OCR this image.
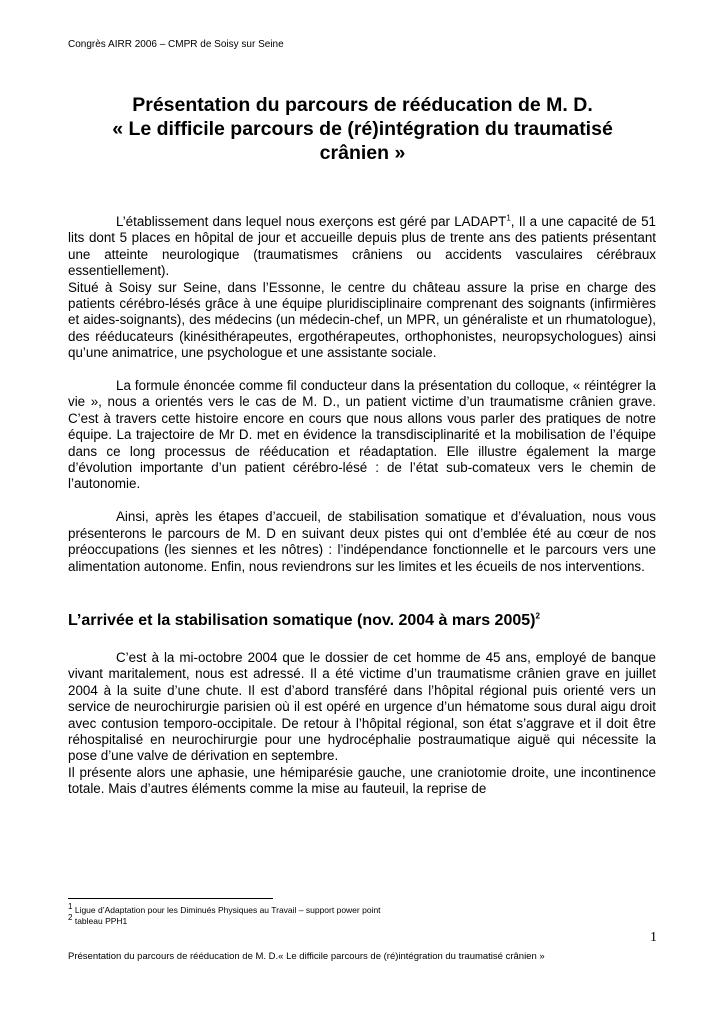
Congrès AIRR 2006 – CMPR de Soisy sur Seine
Présentation du parcours de rééducation de M. D.
« Le difficile parcours de (ré)intégration du traumatisé
crânien »

L’établissement dans lequel nous exerçons est géré par LADAPT$^1$, Il a une capacité de 51 lits dont 5 places en hôpital de jour et accueille depuis plus de trente ans des patients présentant une atteinte neurologique (traumatismes crâniens ou accidents vasculaires cérébraux essentiellement).

Situé à Soisy sur Seine, dans l’Essonne, le centre du château assure la prise en charge des patients cérébro-lésés grâce à une équipe pluridisciplinaire comprenant des soignants (infirmières et aides-soignants), des médecins (un médecin-chef, un MPR, un généraliste et un rhumatologue), des rééducateurs (kinésithérapeutes, ergothérapeutes, orthophonistes, neuropsychologues) ainsi qu’une animatrice, une psychologue et une assistante sociale.

La formule énoncée comme fil conducteur dans la présentation du colloque, « réintégrer la vie », nous a orientés vers le cas de M. D., un patient victime d’un traumatisme crânien grave. C’est à travers cette histoire encore en cours que nous allons vous parler des pratiques de notre équipe. La trajectoire de Mr D. met en évidence la transdisciplinarité et la mobilisation de l’équipe dans ce long processus de rééducation et réadaptation. Elle illustre également la marge d’évolution importante d’un patient cérébro-lésé : de l’état sub-comateux vers le chemin de l’autonomie.

Ainsi, après les étapes d’accueil, de stabilisation somatique et d’évaluation, nous vous présenterons le parcours de M. D en suivant deux pistes qui ont d’emblée été au cœur de nos préoccupations (les siennes et les nôtres) : l’indépendance fonctionnelle et le parcours vers une alimentation autonome. Enfin, nous reviendrons sur les limites et les écueils de nos interventions.

L’arrivée et la stabilisation somatique (nov. 2004 à mars 2005)$^2$

C’est à la mi-octobre 2004 que le dossier de cet homme de 45 ans, employé de banque vivant maritalement, nous est adressé. Il a été victime d’un traumatisme crânien grave en juillet 2004 à la suite d’une chute. Il est d’abord transféré dans l’hôpital régional puis orienté vers un service de neurochirurgie parisien où il est opéré en urgence d’un hématome sous dural aigu droit avec contusion temporo-occipitale. De retour à l’hôpital régional, son état s’aggrave et il doit être réhospitalisé en neurochirurgie pour une hydrocéphalie postraumatique aiguë qui nécessite la pose d’une valve de dérivation en septembre.

Il présente alors une aphasie, une hémiparésie gauche, une craniotomie droite, une incontinence totale. Mais d’autres éléments comme la mise au fauteuil, la reprise de

$^1$ Ligue d’Adaptation pour les Diminués Physiques au Travail – support power point
$^2$ tableau PPH1
1
Présentation du parcours de rééducation de M. D.« Le difficile parcours de (ré)intégration du traumatisé crânien »
